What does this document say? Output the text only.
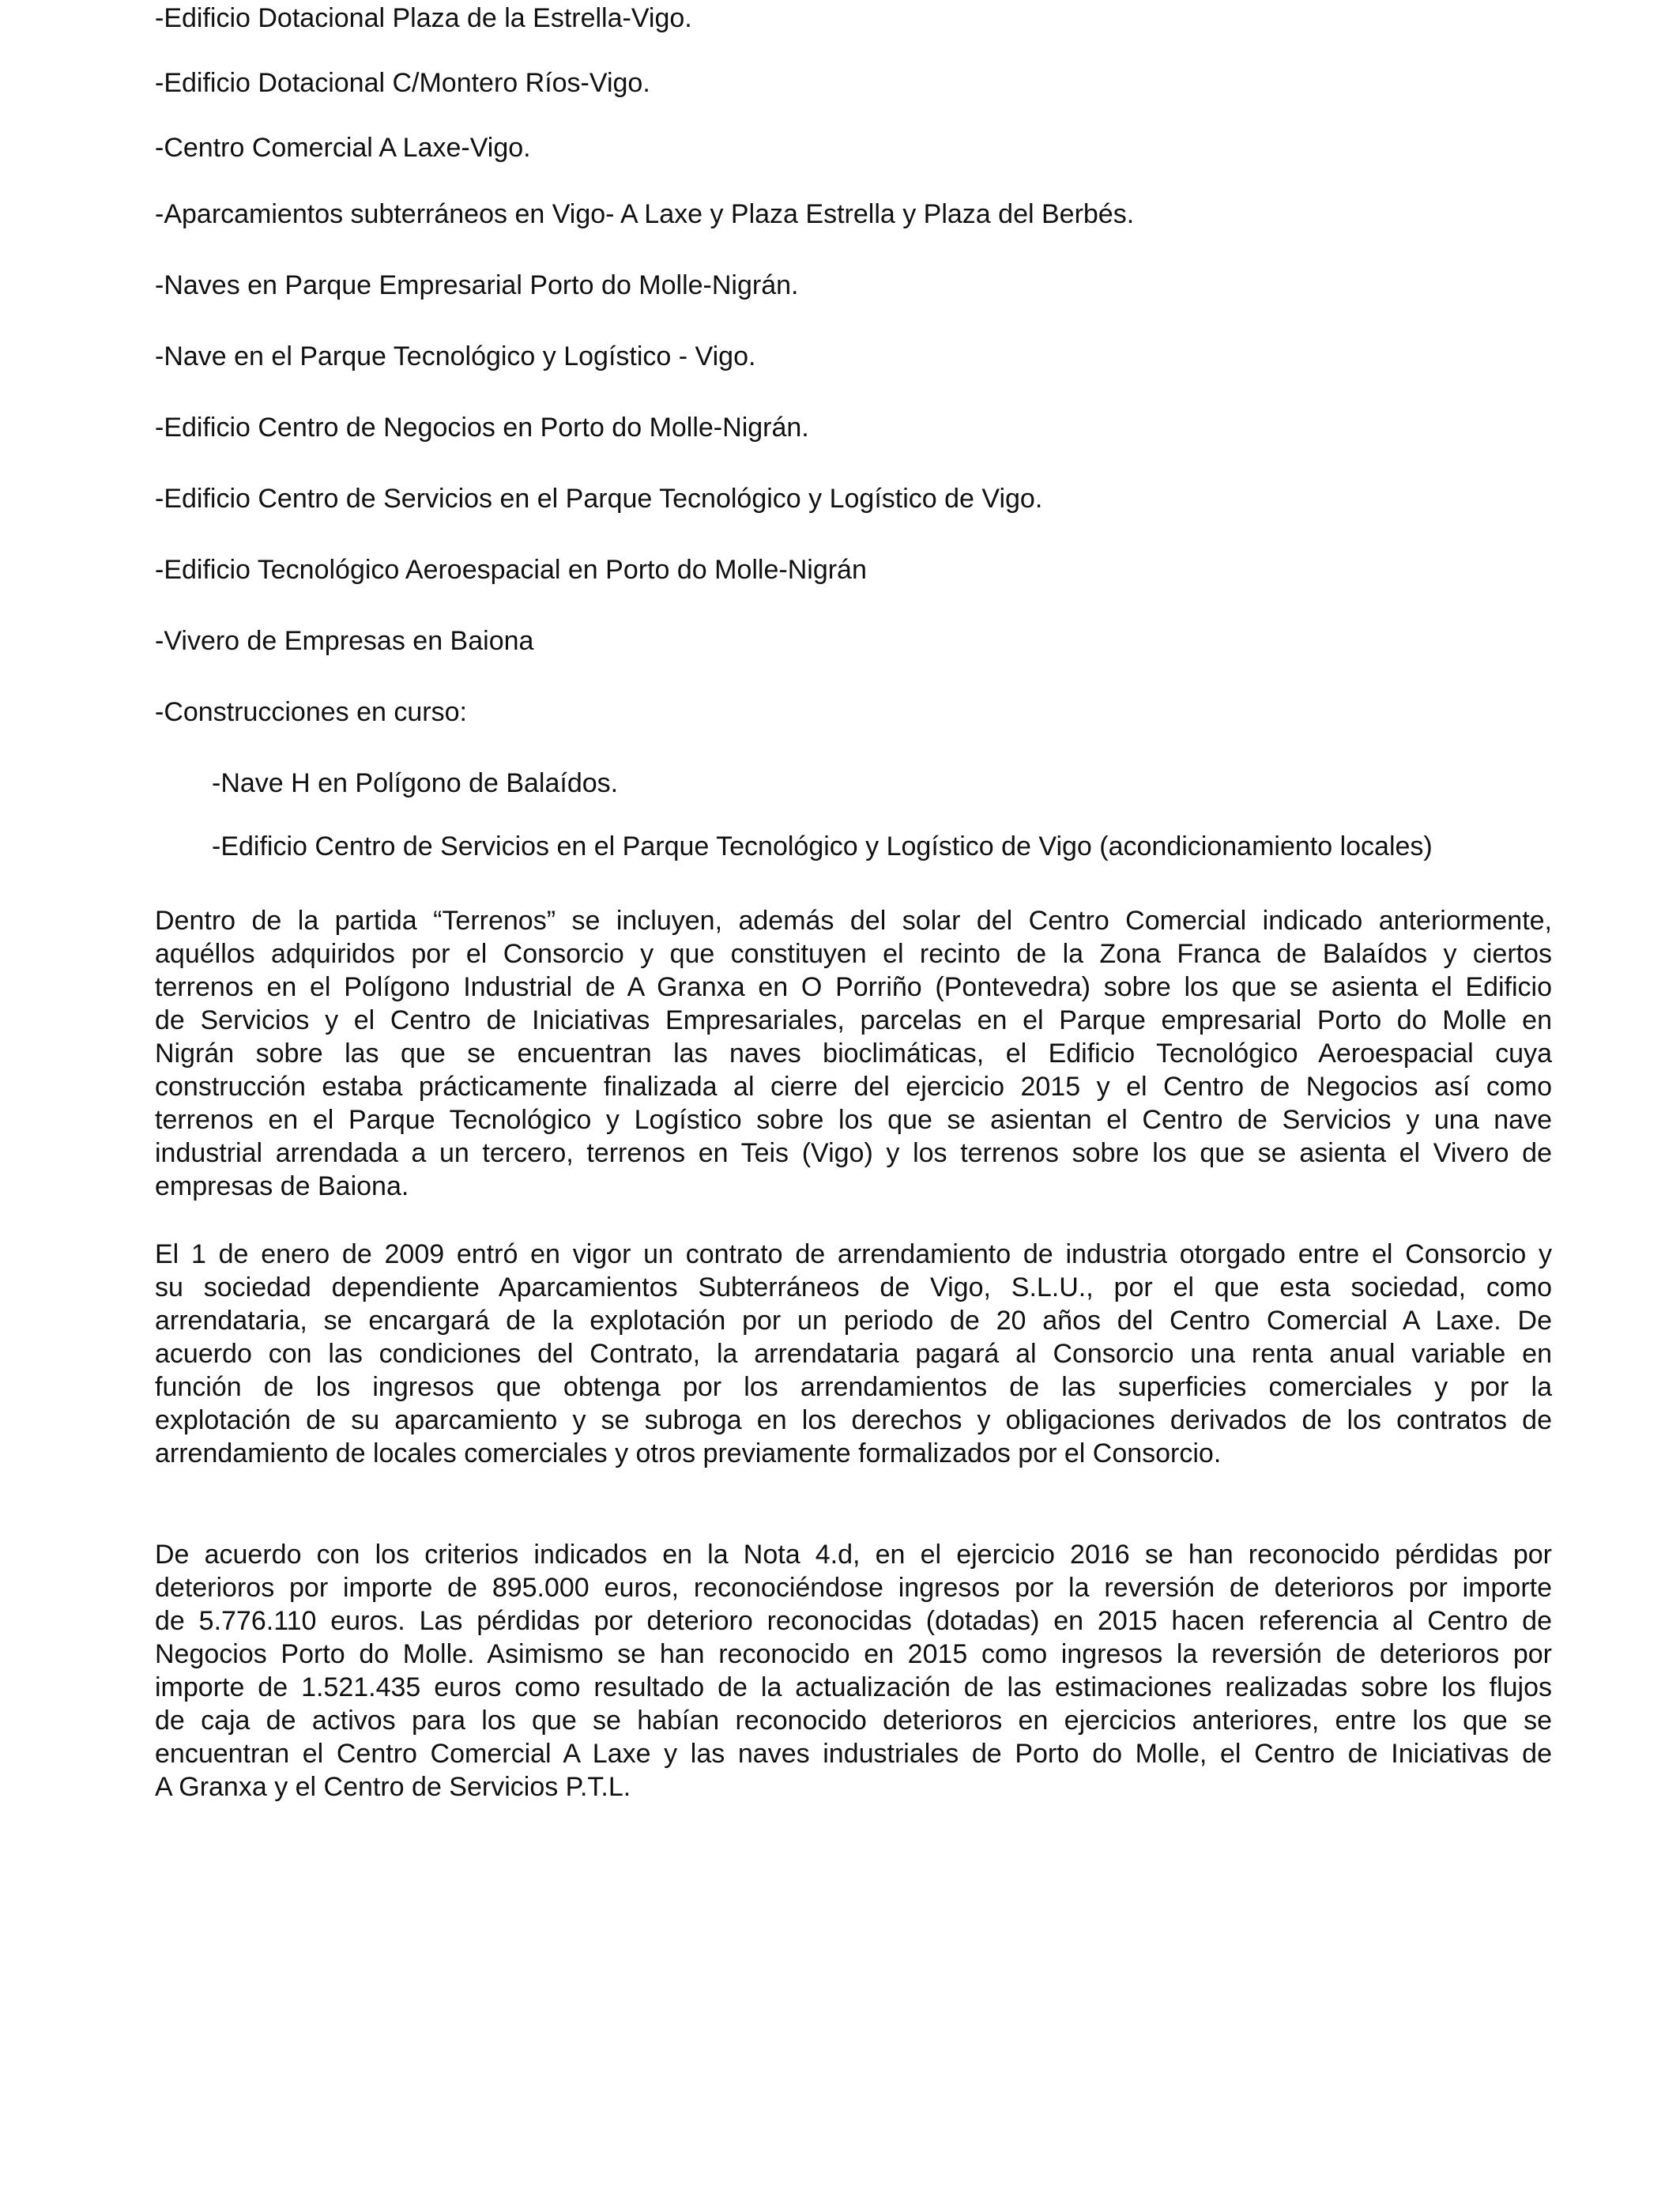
-Edificio Dotacional Plaza de la Estrella-Vigo.
-Edificio Dotacional C/Montero Ríos-Vigo.
-Centro Comercial A Laxe-Vigo.
-Aparcamientos subterráneos en Vigo- A Laxe y Plaza Estrella y Plaza del Berbés.
-Naves en Parque Empresarial Porto do Molle-Nigrán.
-Nave en el Parque Tecnológico y Logístico - Vigo.
-Edificio Centro de Negocios en Porto do Molle-Nigrán.
-Edificio Centro de Servicios en el Parque Tecnológico y Logístico de Vigo.
-Edificio Tecnológico Aeroespacial en Porto do Molle-Nigrán
-Vivero de Empresas en Baiona
-Construcciones en curso:
-Nave H en Polígono de Balaídos.
-Edificio Centro de Servicios en el Parque Tecnológico y Logístico de Vigo (acondicionamiento locales)
Dentro de la partida “Terrenos” se incluyen, además del solar del Centro Comercial indicado anteriormente,
aquéllos adquiridos por el Consorcio y que constituyen el recinto de la Zona Franca de Balaídos y ciertos
terrenos en el Polígono Industrial de A Granxa en O Porriño (Pontevedra) sobre los que se asienta el Edificio
de Servicios y el Centro de Iniciativas Empresariales, parcelas en el Parque empresarial Porto do Molle en
Nigrán sobre las que se encuentran las naves bioclimáticas, el Edificio Tecnológico Aeroespacial cuya
construcción estaba prácticamente finalizada al cierre del ejercicio 2015 y el Centro de Negocios así como
terrenos en el Parque Tecnológico y Logístico sobre los que se asientan el Centro de Servicios y una nave
industrial arrendada a un tercero, terrenos en Teis (Vigo) y los terrenos sobre los que se asienta el Vivero de
empresas de Baiona.
El 1 de enero de 2009 entró en vigor un contrato de arrendamiento de industria otorgado entre el Consorcio y
su sociedad dependiente Aparcamientos Subterráneos de Vigo, S.L.U., por el que esta sociedad, como
arrendataria, se encargará de la explotación por un periodo de 20 años del Centro Comercial A Laxe. De
acuerdo con las condiciones del Contrato, la arrendataria pagará al Consorcio una renta anual variable en
función de los ingresos que obtenga por los arrendamientos de las superficies comerciales y por la
explotación de su aparcamiento y se subroga en los derechos y obligaciones derivados de los contratos de
arrendamiento de locales comerciales y otros previamente formalizados por el Consorcio.
De acuerdo con los criterios indicados en la Nota 4.d, en el ejercicio 2016 se han reconocido pérdidas por
deterioros por importe de 895.000 euros, reconociéndose ingresos por la reversión de deterioros por importe
de 5.776.110 euros. Las pérdidas por deterioro reconocidas (dotadas) en 2015 hacen referencia al Centro de
Negocios Porto do Molle. Asimismo se han reconocido en 2015 como ingresos la reversión de deterioros por
importe de 1.521.435 euros como resultado de la actualización de las estimaciones realizadas sobre los flujos
de caja de activos para los que se habían reconocido deterioros en ejercicios anteriores, entre los que se
encuentran el Centro Comercial A Laxe y las naves industriales de Porto do Molle, el Centro de Iniciativas de
A Granxa y el Centro de Servicios P.T.L.
